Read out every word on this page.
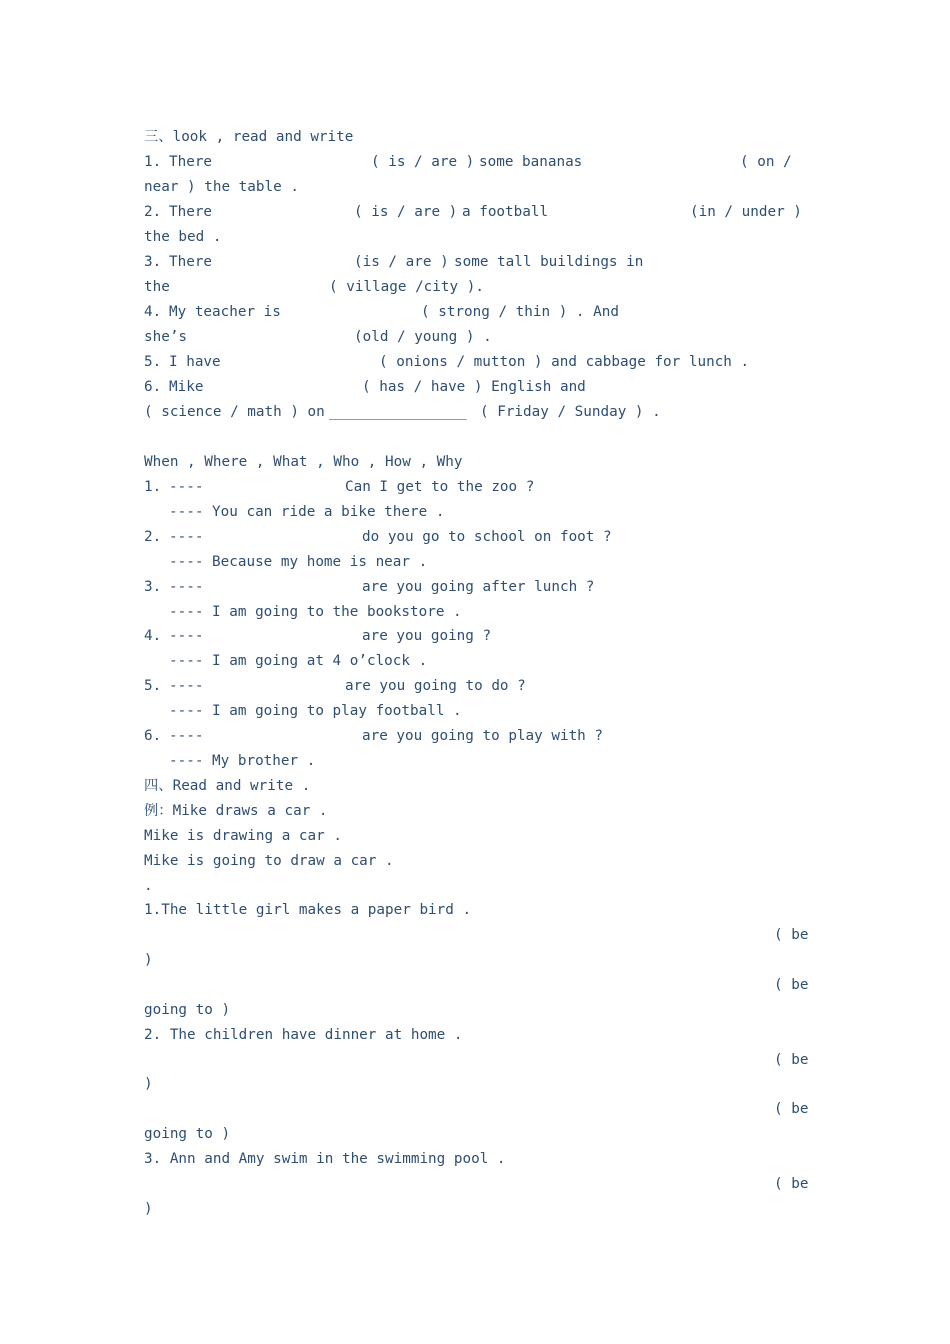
三、look , read and write
1. There	( is / are ) some bananas	( on /
near ) the table .
2. There	( is / are ) a football	(in / under )
the bed .
3. There	(is / are ) some tall buildings in
the	( village /city ).
4. My teacher is	( strong / thin ) . And
she’s	(old / young ) .
5. I have	( onions / mutton ) and cabbage for lunch .
6. Mike	( has / have ) English and
( science / math ) on ________________ ( Friday / Sunday ) .
When , Where , What , Who , How , Why
1. ----	Can I get to the zoo ?
---- You can ride a bike there .
2. ----	do you go to school on foot ?
---- Because my home is near .
3. ----	are you going after lunch ?
---- I am going to the bookstore .
4. ----	are you going ?
---- I am going at 4 o’clock .
5. ----	are you going to do ?
---- I am going to play football .
6. ----	are you going to play with ?
---- My brother .
四、Read and write .
例：Mike draws a car .
Mike is drawing a car .
Mike is going to draw a car .
.
1.The little girl makes a paper bird .
( be
)
( be
going to )
2. The children have dinner at home .
( be
)
( be
going to )
3. Ann and Amy swim in the swimming pool .
( be
)
